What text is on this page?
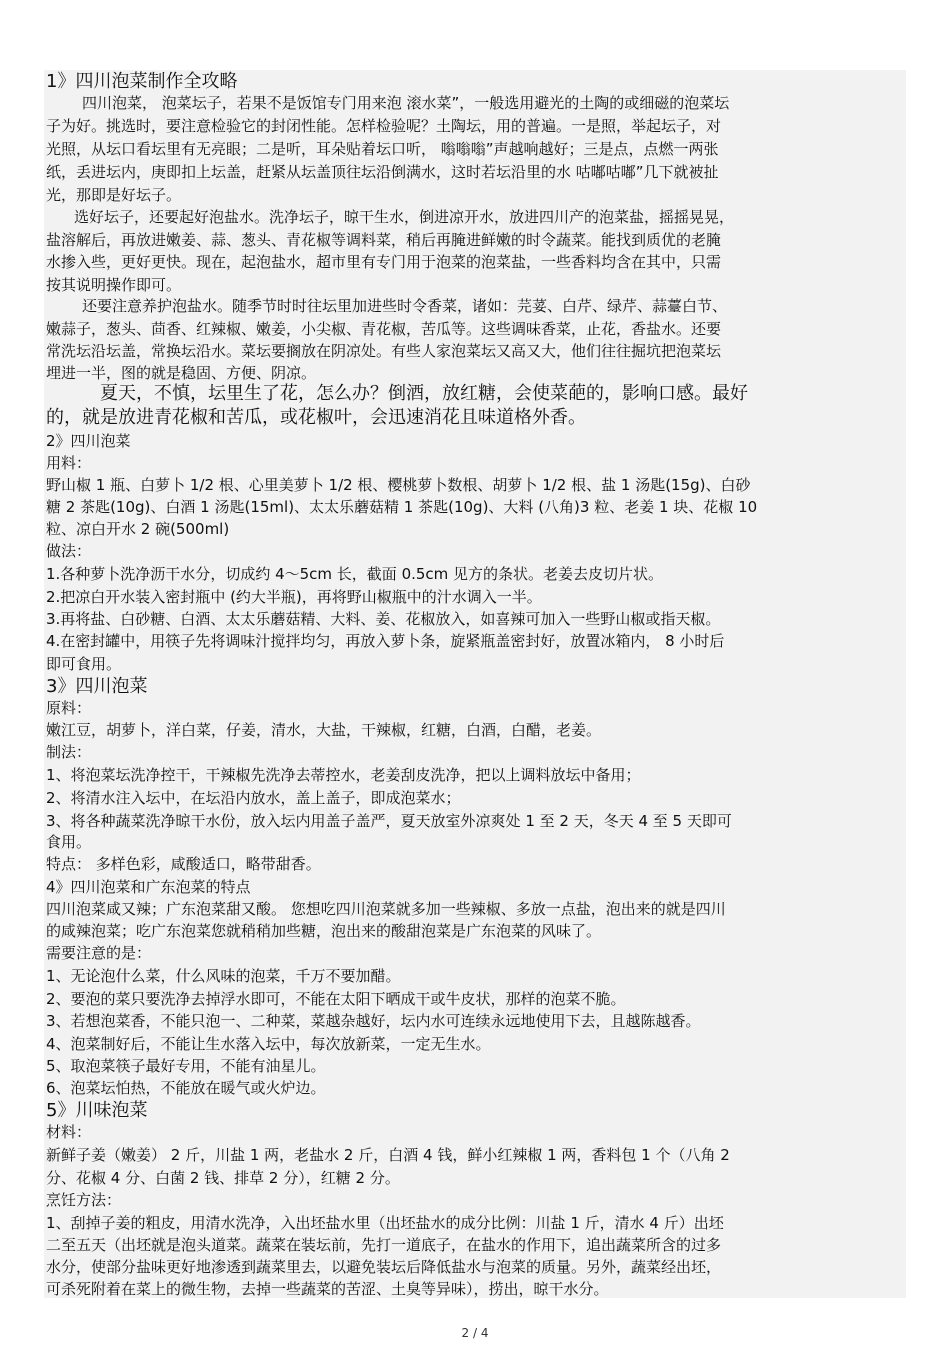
1》四川泡菜制作全攻略
四川泡菜， 泡菜坛子，若果不是饭馆专门用来泡 滚水菜”，一般选用避光的土陶的或细磁的泡菜坛
子为好。挑选时，要注意检验它的封闭性能。怎样检验呢？土陶坛，用的普遍。一是照，举起坛子，对
光照，从坛口看坛里有无亮眼；二是听，耳朵贴着坛口听， 嗡嗡嗡”声越响越好；三是点，点燃一两张
纸，丢进坛内，庚即扣上坛盖，赶紧从坛盖顶往坛沿倒满水，这时若坛沿里的水 咕嘟咕嘟”几下就被扯
光，那即是好坛子。
选好坛子，还要起好泡盐水。洗净坛子，晾干生水，倒进凉开水，放进四川产的泡菜盐，摇摇晃晃，
盐溶解后，再放进嫩姜、蒜、葱头、青花椒等调料菜，稍后再腌进鲜嫩的时令蔬菜。能找到质优的老腌
水掺入些，更好更快。现在，起泡盐水，超市里有专门用于泡菜的泡菜盐，一些香料均含在其中，只需
按其说明操作即可。
还要注意养护泡盐水。随季节时时往坛里加进些时令香菜，诸如：芫荽、白芹、绿芹、蒜薹白节、
嫩蒜子，葱头、茴香、红辣椒、嫩姜，小尖椒、青花椒，苦瓜等。这些调味香菜，止花，香盐水。还要
常洗坛沿坛盖，常换坛沿水。菜坛要搁放在阴凉处。有些人家泡菜坛又高又大，他们往往掘坑把泡菜坛
埋进一半，图的就是稳固、方便、阴凉。
夏天，不慎，坛里生了花，怎么办？倒酒，放红糖，会使菜葩的，影响口感。最好
的，就是放进青花椒和苦瓜，或花椒叶，会迅速消花且味道格外香。
2》四川泡菜
用料：
野山椒 1 瓶、白萝卜 1/2 根、心里美萝卜 1/2 根、樱桃萝卜数根、胡萝卜 1/2 根、盐 1 汤匙(15g)、白砂
糖 2 茶匙(10g)、白酒 1 汤匙(15ml)、太太乐蘑菇精 1 茶匙(10g)、大料 (八角)3 粒、老姜 1 块、花椒 10
粒、凉白开水 2 碗(500ml)
做法：
1.各种萝卜洗净沥干水分，切成约 4～5cm 长，截面 0.5cm 见方的条状。老姜去皮切片状。
2.把凉白开水装入密封瓶中 (约大半瓶)，再将野山椒瓶中的汁水调入一半。
3.再将盐、白砂糖、白酒、太太乐蘑菇精、大料、姜、花椒放入，如喜辣可加入一些野山椒或指天椒。
4.在密封罐中，用筷子先将调味汁搅拌均匀，再放入萝卜条，旋紧瓶盖密封好，放置冰箱内， 8 小时后
即可食用。
3》四川泡菜
原料：
嫩江豆，胡萝卜，洋白菜，仔姜，清水，大盐，干辣椒，红糖，白酒，白醋，老姜。
制法：
1、将泡菜坛洗净控干，干辣椒先洗净去蒂控水，老姜刮皮洗净，把以上调料放坛中备用；
2、将清水注入坛中，在坛沿内放水，盖上盖子，即成泡菜水；
3、将各种蔬菜洗净晾干水份，放入坛内用盖子盖严，夏天放室外凉爽处 1 至 2 天，冬天 4 至 5 天即可
食用。
特点： 多样色彩，咸酸适口，略带甜香。
4》四川泡菜和广东泡菜的特点
四川泡菜咸又辣；广东泡菜甜又酸。 您想吃四川泡菜就多加一些辣椒、多放一点盐，泡出来的就是四川
的咸辣泡菜；吃广东泡菜您就稍稍加些糖，泡出来的酸甜泡菜是广东泡菜的风味了。
需要注意的是：
1、无论泡什么菜，什么风味的泡菜，千万不要加醋。
2、要泡的菜只要洗净去掉浮水即可，不能在太阳下晒成干或牛皮状，那样的泡菜不脆。
3、若想泡菜香，不能只泡一、二种菜，菜越杂越好，坛内水可连续永远地使用下去，且越陈越香。
4、泡菜制好后，不能让生水落入坛中，每次放新菜，一定无生水。
5、取泡菜筷子最好专用，不能有油星儿。
6、泡菜坛怕热，不能放在暖气或火炉边。
5》川味泡菜
材料：
新鲜子姜（嫩姜） 2 斤，川盐 1 两，老盐水 2 斤，白酒 4 钱，鲜小红辣椒 1 两，香料包 1 个（八角 2
分、花椒 4 分、白菌 2 钱、排草 2 分），红糖 2 分。
烹饪方法：
1、刮掉子姜的粗皮，用清水洗净，入出坯盐水里（出坯盐水的成分比例：川盐 1 斤，清水 4 斤）出坯
二至五天（出坯就是泡头道菜。蔬菜在装坛前，先打一道底子，在盐水的作用下，追出蔬菜所含的过多
水分，使部分盐味更好地渗透到蔬菜里去，以避免装坛后降低盐水与泡菜的质量。另外，蔬菜经出坯，
可杀死附着在菜上的微生物，去掉一些蔬菜的苦涩、土臭等异味），捞出，晾干水分。
2 / 4
